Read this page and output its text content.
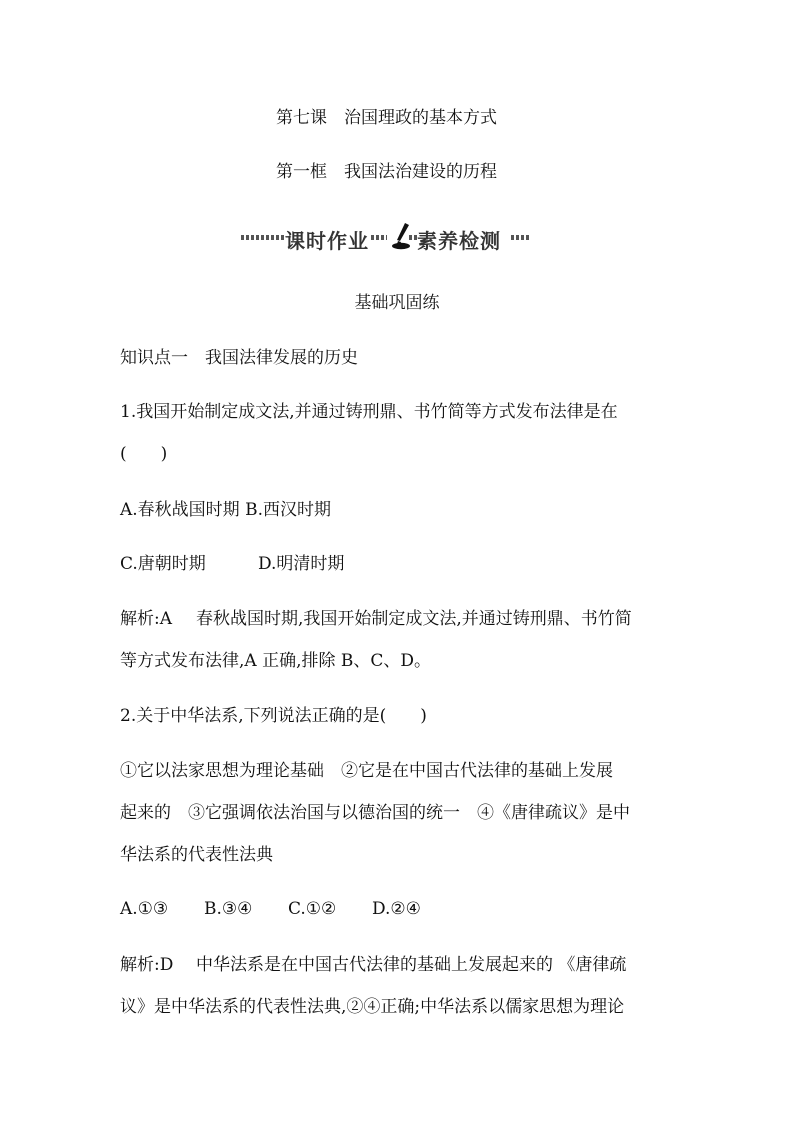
第七课　治国理政的基本方式
第一框　我国法治建设的历程
课时作业 素养检测
基础巩固练
知识点一　我国法律发展的历史
1.我国开始制定成文法,并通过铸刑鼎、书竹简等方式发布法律是在
(　　)
A.春秋战国时期 B.西汉时期
C.唐朝时期	D.明清时期
解析:A 春秋战国时期,我国开始制定成文法,并通过铸刑鼎、书竹简
等方式发布法律,A 正确,排除 B、C、D。
2.关于中华法系,下列说法正确的是(　　)
①它以法家思想为理论基础　②它是在中国古代法律的基础上发展
起来的　③它强调依法治国与以德治国的统一　④《唐律疏议》是中
华法系的代表性法典
A.①③ B.③④ C.①② D.②④
解析:D 中华法系是在中国古代法律的基础上发展起来的 《唐律疏
议》是中华法系的代表性法典,②④正确;中华法系以儒家思想为理论
